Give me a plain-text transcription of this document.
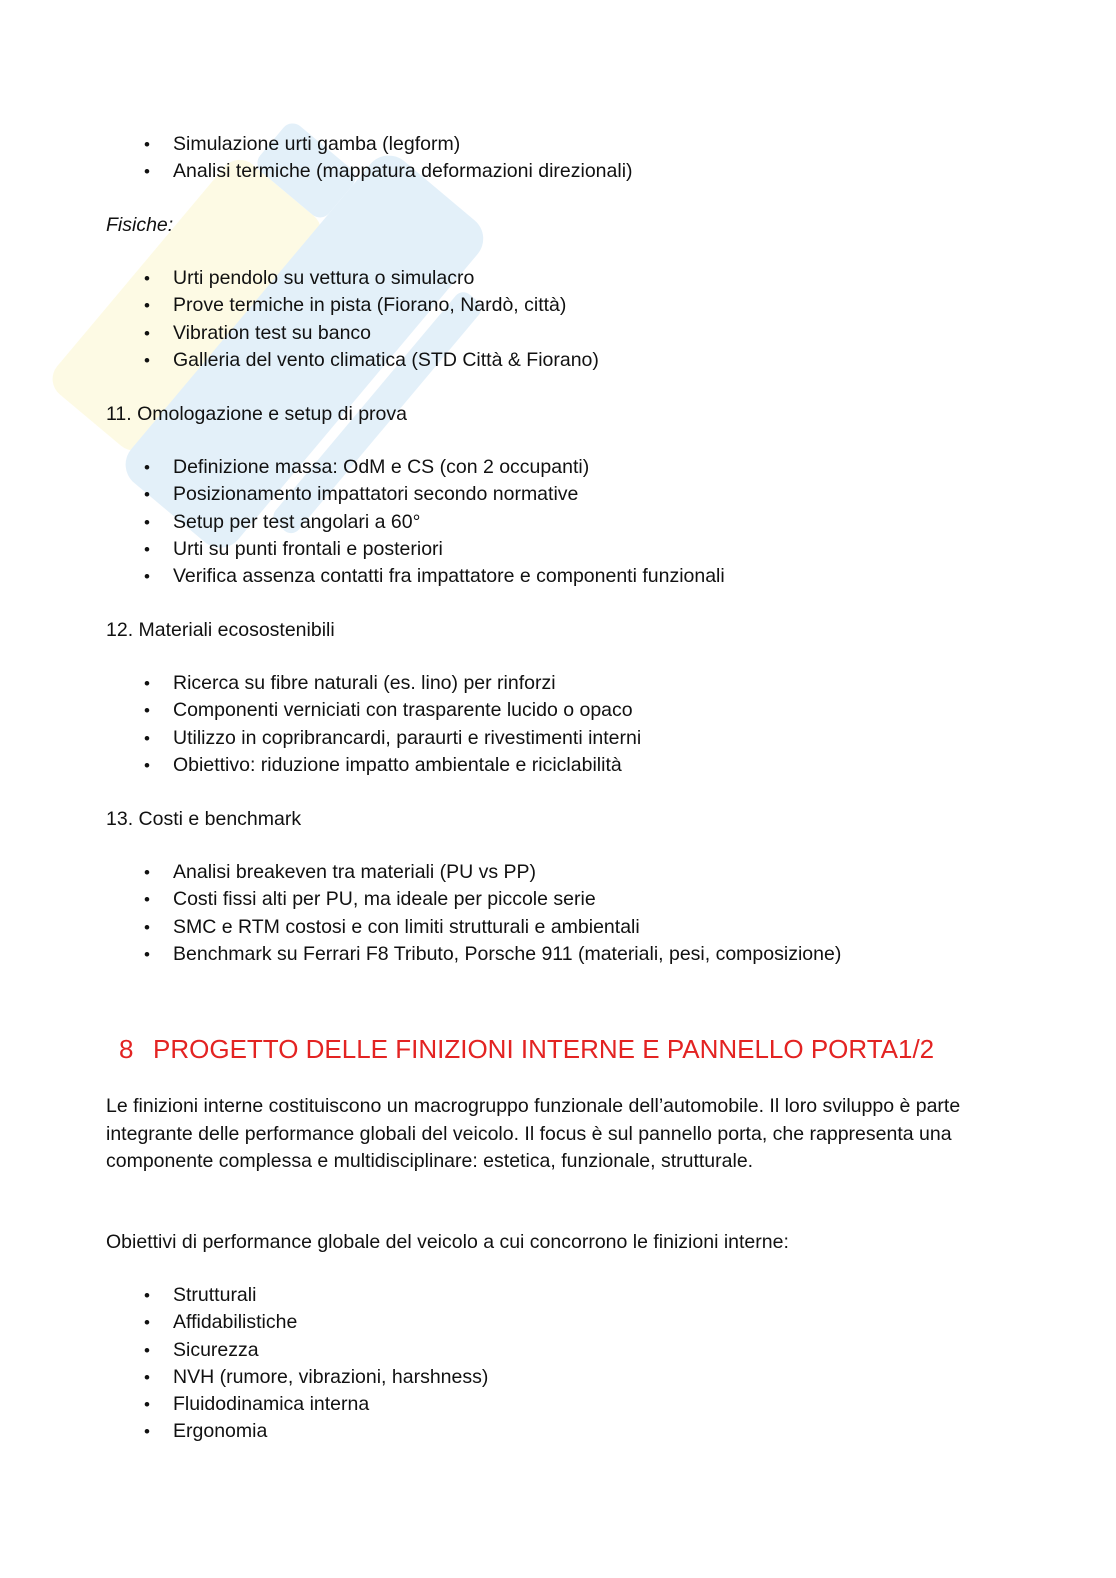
• Simulazione urti gamba (legform)
• Analisi termiche (mappatura deformazioni direzionali)

Fisiche:

• Urti pendolo su vettura o simulacro
• Prove termiche in pista (Fiorano, Nardò, città)
• Vibration test su banco
• Galleria del vento climatica (STD Città & Fiorano)

11. Omologazione e setup di prova

• Definizione massa: OdM e CS (con 2 occupanti)
• Posizionamento impattatori secondo normative
• Setup per test angolari a 60°
• Urti su punti frontali e posteriori
• Verifica assenza contatti fra impattatore e componenti funzionali

12. Materiali ecosostenibili

• Ricerca su fibre naturali (es. lino) per rinforzi
• Componenti verniciati con trasparente lucido o opaco
• Utilizzo in copribrancardi, paraurti e rivestimenti interni
• Obiettivo: riduzione impatto ambientale e riciclabilità

13. Costi e benchmark

• Analisi breakeven tra materiali (PU vs PP)
• Costi fissi alti per PU, ma ideale per piccole serie
• SMC e RTM costosi e con limiti strutturali e ambientali
• Benchmark su Ferrari F8 Tributo, Porsche 911 (materiali, pesi, composizione)
8 PROGETTO DELLE FINIZIONI INTERNE E PANNELLO PORTA1/2

Le finizioni interne costituiscono un macrogruppo funzionale dell’automobile. Il loro sviluppo è parte integrante delle performance globali del veicolo. Il focus è sul pannello porta, che rappresenta una componente complessa e multidisciplinare: estetica, funzionale, strutturale.

Obiettivi di performance globale del veicolo a cui concorrono le finizioni interne:

• Strutturali
• Affidabilistiche
• Sicurezza
• NVH (rumore, vibrazioni, harshness)
• Fluidodinamica interna
• Ergonomia
